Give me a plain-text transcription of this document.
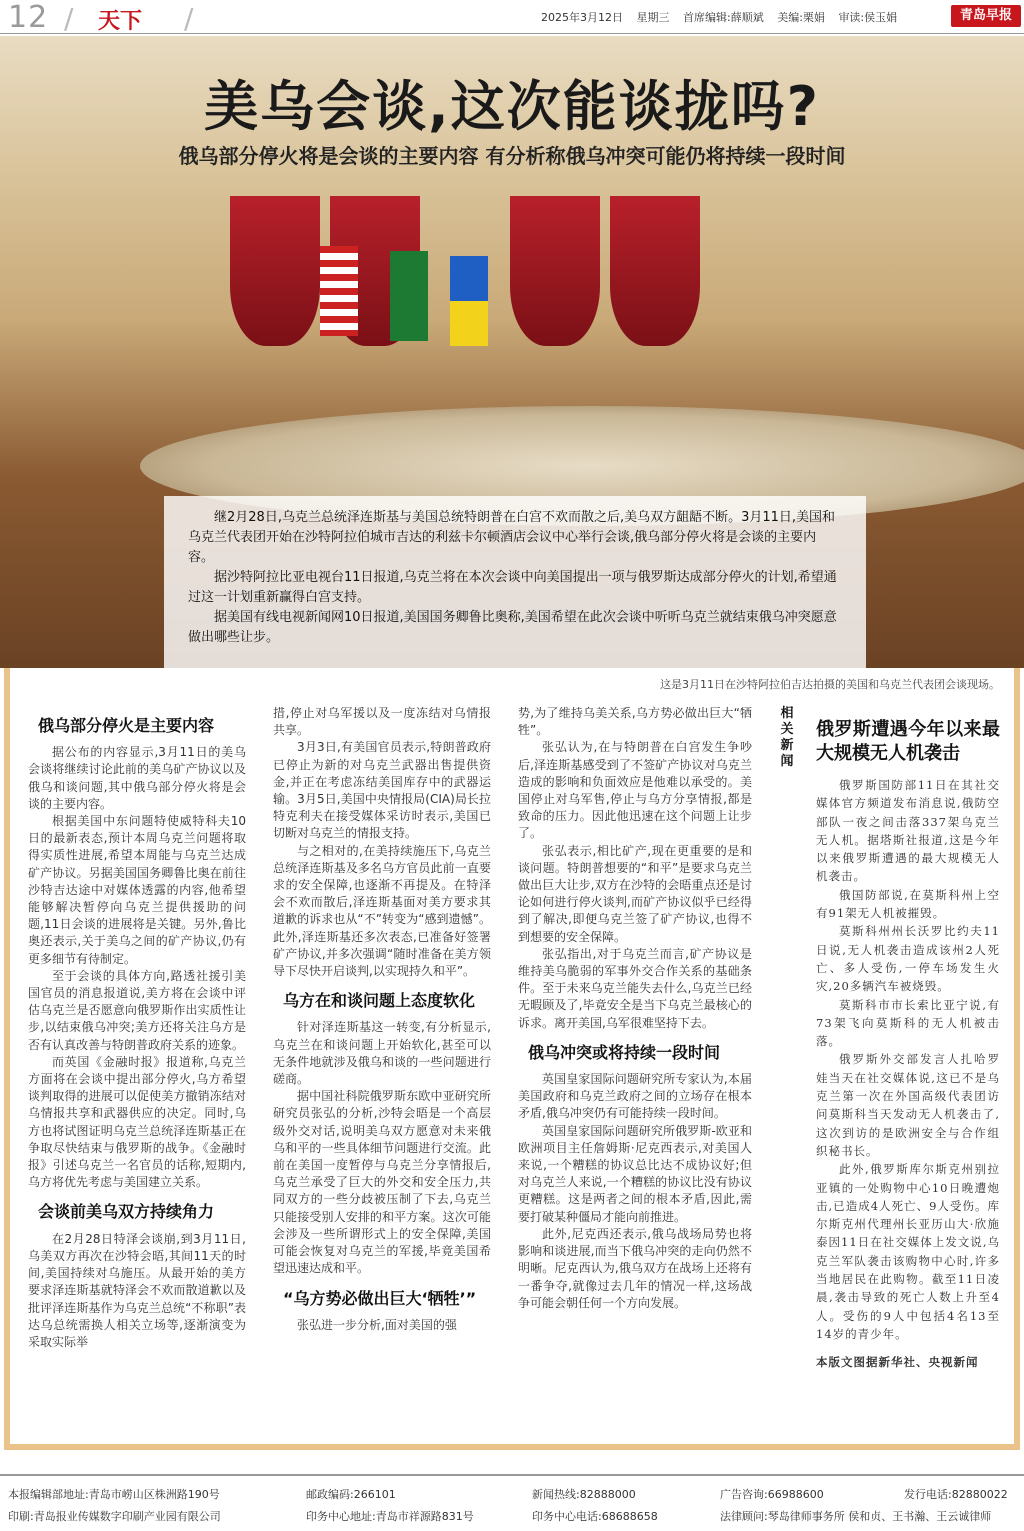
12 / 天下 /	2025年3月12日 星期三 首席编辑:薛顺斌 美编:栗娟 审读:侯玉娟	青岛早报
美乌会谈,这次能谈拢吗?
俄乌部分停火将是会谈的主要内容 有分析称俄乌冲突可能仍将持续一段时间

继2月28日,乌克兰总统泽连斯基与美国总统特朗普在白宫不欢而散之后,美乌双方龃龉不断。3月11日,美国和乌克兰代表团开始在沙特阿拉伯城市吉达的利兹卡尔顿酒店会议中心举行会谈,俄乌部分停火将是会谈的主要内容。

据沙特阿拉比亚电视台11日报道,乌克兰将在本次会谈中向美国提出一项与俄罗斯达成部分停火的计划,希望通过这一计划重新赢得白宫支持。

据美国有线电视新闻网10日报道,美国国务卿鲁比奥称,美国希望在此次会谈中听听乌克兰就结束俄乌冲突愿意做出哪些让步。

这是3月11日在沙特阿拉伯吉达拍摄的美国和乌克兰代表团会谈现场。
俄乌部分停火是主要内容

据公布的内容显示,3月11日的美乌会谈将继续讨论此前的美乌矿产协议以及俄乌和谈问题,其中俄乌部分停火将是会谈的主要内容。

根据美国中东问题特使威特科夫10日的最新表态,预计本周乌克兰问题将取得实质性进展,希望本周能与乌克兰达成矿产协议。另据美国国务卿鲁比奥在前往沙特吉达途中对媒体透露的内容,他希望能够解决暂停向乌克兰提供援助的问题,11日会谈的进展将是关键。另外,鲁比奥还表示,关于美乌之间的矿产协议,仍有更多细节有待制定。

至于会谈的具体方向,路透社援引美国官员的消息报道说,美方将在会谈中评估乌克兰是否愿意向俄罗斯作出实质性让步,以结束俄乌冲突;美方还将关注乌方是否有认真改善与特朗普政府关系的迹象。

而英国《金融时报》报道称,乌克兰方面将在会谈中提出部分停火,乌方希望谈判取得的进展可以促使美方撤销冻结对乌情报共享和武器供应的决定。同时,乌方也将试图证明乌克兰总统泽连斯基正在争取尽快结束与俄罗斯的战争。《金融时报》引述乌克兰一名官员的话称,短期内,乌方将优先考虑与美国建立关系。

会谈前美乌双方持续角力

在2月28日特泽会谈崩,到3月11日,乌美双方再次在沙特会晤,其间11天的时间,美国持续对乌施压。从最开始的美方要求泽连斯基就特泽会不欢而散道歉以及批评泽连斯基作为乌克兰总统“不称职”表达乌总统需换人相关立场等,逐渐演变为采取实际举

措,停止对乌军援以及一度冻结对乌情报共享。

3月3日,有美国官员表示,特朗普政府已停止为新的对乌克兰武器出售提供资金,并正在考虑冻结美国库存中的武器运输。3月5日,美国中央情报局(CIA)局长拉特克利夫在接受媒体采访时表示,美国已切断对乌克兰的情报支持。

与之相对的,在美持续施压下,乌克兰总统泽连斯基及多名乌方官员此前一直要求的安全保障,也逐渐不再提及。在特泽会不欢而散后,泽连斯基面对美方要求其道歉的诉求也从“不”转变为“感到遗憾”。此外,泽连斯基还多次表态,已准备好签署矿产协议,并多次强调“随时准备在美方领导下尽快开启谈判,以实现持久和平”。

乌方在和谈问题上态度软化

针对泽连斯基这一转变,有分析显示,乌克兰在和谈问题上开始软化,甚至可以无条件地就涉及俄乌和谈的一些问题进行磋商。

据中国社科院俄罗斯东欧中亚研究所研究员张弘的分析,沙特会晤是一个高层级外交对话,说明美乌双方愿意对未来俄乌和平的一些具体细节问题进行交流。此前在美国一度暂停与乌克兰分享情报后,乌克兰承受了巨大的外交和安全压力,共同双方的一些分歧被压制了下去,乌克兰只能接受别人安排的和平方案。这次可能会涉及一些所谓形式上的安全保障,美国可能会恢复对乌克兰的军援,毕竟美国希望迅速达成和平。

“乌方势必做出巨大‘牺牲’”

张弘进一步分析,面对美国的强

势,为了维持乌美关系,乌方势必做出巨大“牺牲”。

张弘认为,在与特朗普在白宫发生争吵后,泽连斯基感受到了不签矿产协议对乌克兰造成的影响和负面效应是他难以承受的。美国停止对乌军售,停止与乌方分享情报,都是致命的压力。因此他迅速在这个问题上让步了。

张弘表示,相比矿产,现在更重要的是和谈问题。特朗普想要的“和平”是要求乌克兰做出巨大让步,双方在沙特的会晤重点还是讨论如何进行停火谈判,而矿产协议似乎已经得到了解决,即便乌克兰签了矿产协议,也得不到想要的安全保障。

张弘指出,对于乌克兰而言,矿产协议是维持美乌脆弱的军事外交合作关系的基础条件。至于未来乌克兰能失去什么,乌克兰已经无暇顾及了,毕竟安全是当下乌克兰最核心的诉求。离开美国,乌军很难坚持下去。

俄乌冲突或将持续一段时间

英国皇家国际问题研究所专家认为,本届美国政府和乌克兰政府之间的立场存在根本矛盾,俄乌冲突仍有可能持续一段时间。

英国皇家国际问题研究所俄罗斯-欧亚和欧洲项目主任詹姆斯·尼克西表示,对美国人来说,一个糟糕的协议总比达不成协议好;但对乌克兰人来说,一个糟糕的协议比没有协议更糟糕。这是两者之间的根本矛盾,因此,需要打破某种僵局才能向前推进。

此外,尼克西还表示,俄乌战场局势也将影响和谈进展,而当下俄乌冲突的走向仍然不明晰。尼克西认为,俄乌双方在战场上还将有一番争夺,就像过去几年的情况一样,这场战争可能会朝任何一个方向发展。

相关新闻
俄罗斯遭遇今年以来最大规模无人机袭击

俄罗斯国防部11日在其社交媒体官方频道发布消息说,俄防空部队一夜之间击落337架乌克兰无人机。据塔斯社报道,这是今年以来俄罗斯遭遇的最大规模无人机袭击。

俄国防部说,在莫斯科州上空有91架无人机被摧毁。

莫斯科州州长沃罗比约夫11日说,无人机袭击造成该州2人死亡、多人受伤,一停车场发生火灾,20多辆汽车被烧毁。

莫斯科市市长索比亚宁说,有73架飞向莫斯科的无人机被击落。

俄罗斯外交部发言人扎哈罗娃当天在社交媒体说,这已不是乌克兰第一次在外国高级代表团访问莫斯科当天发动无人机袭击了,这次到访的是欧洲安全与合作组织秘书长。

此外,俄罗斯库尔斯克州别拉亚镇的一处购物中心10日晚遭炮击,已造成4人死亡、9人受伤。库尔斯克州代理州长亚历山大·欣施泰因11日在社交媒体上发文说,乌克兰军队袭击该购物中心时,许多当地居民在此购物。截至11日凌晨,袭击导致的死亡人数上升至4人。受伤的9人中包括4名13至14岁的青少年。

本版文图据新华社、央视新闻

本报编辑部地址:青岛市崂山区株洲路190号	邮政编码:266101	新闻热线:82888000	广告咨询:66988600	发行电话:82880022
印刷:青岛报业传媒数字印刷产业园有限公司	印务中心地址:青岛市祥源路831号	印务中心电话:68688658	法律顾问:琴岛律师事务所 侯和贞、王书瀚、王云诚律师
